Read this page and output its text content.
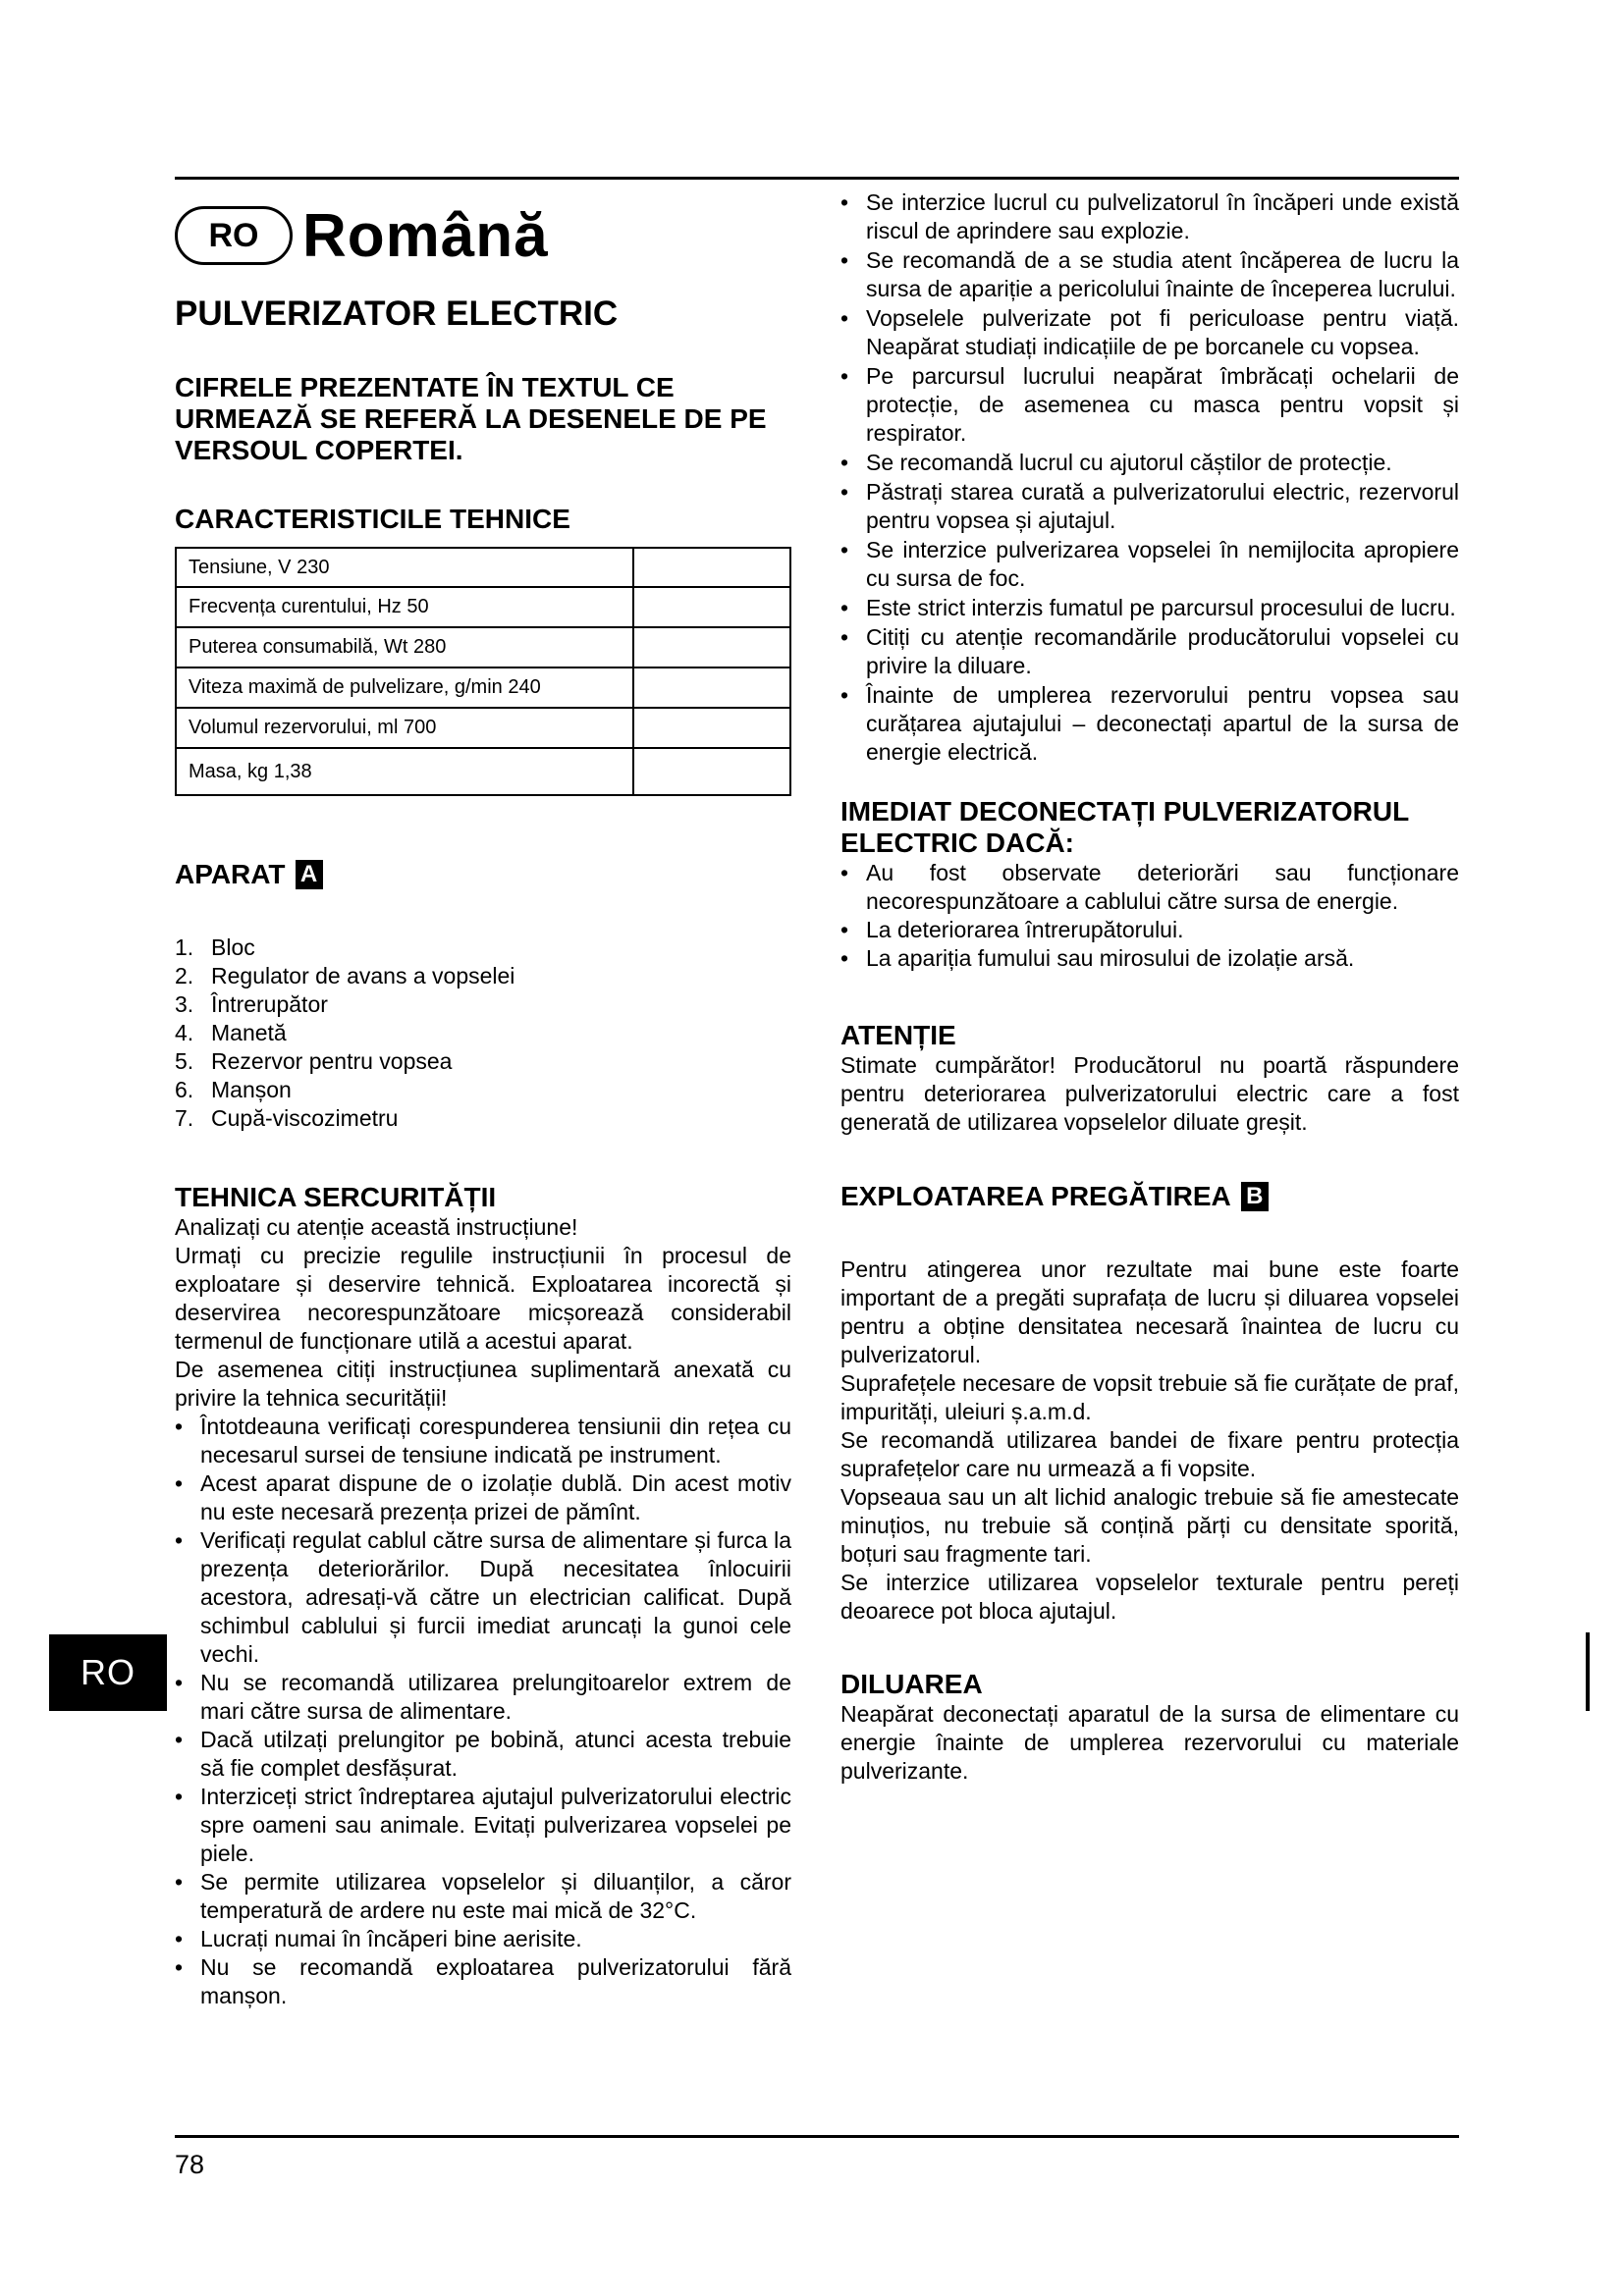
RO Română
PULVERIZATOR ELECTRIC
CIFRELE PREZENTATE ÎN TEXTUL CE URMEAZĂ SE REFERĂ LA DESENELE DE PE VERSOUL COPERTEI.
CARACTERISTICILE TEHNICE
Tensiune, V 230	
Frecvența curentului, Hz 50	
Puterea consumabilă, Wt 280	
Viteza maximă de pulvelizare, g/min 240	
Volumul rezervorului, ml 700	
Masa, kg 1,38	
APARAT A
1. Bloc
2. Regulator de avans a vopselei
3. Întrerupător
4. Manetă
5. Rezervor pentru vopsea
6. Manșon
7. Cupă-viscozimetru
TEHNICA SERCURITĂȚII

Analizați cu atenție această instrucțiune!

Urmați cu precizie regulile instrucțiunii în procesul de exploatare și deservire tehnică. Exploatarea incorectă și deservirea necorespunzătoare micșorează considerabil termenul de funcționare utilă a acestui aparat.

De asemenea citiți instrucțiunea suplimentară anexată cu privire la tehnica securității!

• Întotdeauna verificați corespunderea tensiunii din rețea cu necesarul sursei de tensiune indicată pe instrument.
• Acest aparat dispune de o izolație dublă. Din acest motiv nu este necesară prezența prizei de pămînt.
• Verificați regulat cablul către sursa de alimentare și furca la prezența deteriorărilor. După necesitatea înlocuirii acestora, adresați-vă către un electrician calificat. După schimbul cablului și furcii imediat aruncați la gunoi cele vechi.
• Nu se recomandă utilizarea prelungitoarelor extrem de mari către sursa de alimentare.
• Dacă utilzați prelungitor pe bobină, atunci acesta trebuie să fie complet desfășurat.
• Interziceți strict îndreptarea ajutajul pulverizatorului electric spre oameni sau animale. Evitați pulverizarea vopselei pe piele.
• Se permite utilizarea vopselelor și diluanților, a căror temperatură de ardere nu este mai mică de 32°C.
• Lucrați numai în încăperi bine aerisite.
• Nu se recomandă exploatarea pulverizatorului fără manșon.
• Se interzice lucrul cu pulvelizatorul în încăperi unde există riscul de aprindere sau explozie.
• Se recomandă de a se studia atent încăperea de lucru la sursa de apariție a pericolului înainte de începerea lucrului.
• Vopselele pulverizate pot fi periculoase pentru viață. Neapărat studiați indicațiile de pe borcanele cu vopsea.
• Pe parcursul lucrului neapărat îmbrăcați ochelarii de protecție, de asemenea cu masca pentru vopsit și respirator.
• Se recomandă lucrul cu ajutorul căștilor de protecție.
• Păstrați starea curată a pulverizatorului electric, rezervorul pentru vopsea și ajutajul.
• Se interzice pulverizarea vopselei în nemijlocita apropiere cu sursa de foc.
• Este strict interzis fumatul pe parcursul procesului de lucru.
• Citiți cu atenție recomandările producătorului vopselei cu privire la diluare.
• Înainte de umplerea rezervorului pentru vopsea sau curățarea ajutajului – deconectați apartul de la sursa de energie electrică.
IMEDIAT DECONECTAȚI PULVERIZATORUL ELECTRIC DACĂ:
• Au fost observate deteriorări sau funcționare necorespunzătoare a cablului către sursa de energie.
• La deteriorarea întrerupătorului.
• La apariția fumului sau mirosului de izolație arsă.
ATENȚIE

Stimate cumpărător! Producătorul nu poartă răspundere pentru deteriorarea pulverizatorului electric care a fost generată de utilizarea vopselelor diluate greșit.

EXPLOATAREA PREGĂTIREA B

Pentru atingerea unor rezultate mai bune este foarte important de a pregăti suprafața de lucru și diluarea vopselei pentru a obține densitatea necesară înaintea de lucru cu pulverizatorul.

Suprafețele necesare de vopsit trebuie să fie curățate de praf, impurități, uleiuri ș.a.m.d.

Se recomandă utilizarea bandei de fixare pentru protecția suprafețelor care nu urmează a fi vopsite.

Vopseaua sau un alt lichid analogic trebuie să fie amestecate minuțios, nu trebuie să conțină părți cu densitate sporită, boțuri sau fragmente tari.

Se interzice utilizarea vopselelor texturale pentru pereți deoarece pot bloca ajutajul.

DILUAREA

Neapărat deconectați aparatul de la sursa de elimentare cu energie înainte de umplerea rezervorului cu materiale pulverizante.

RO
78
